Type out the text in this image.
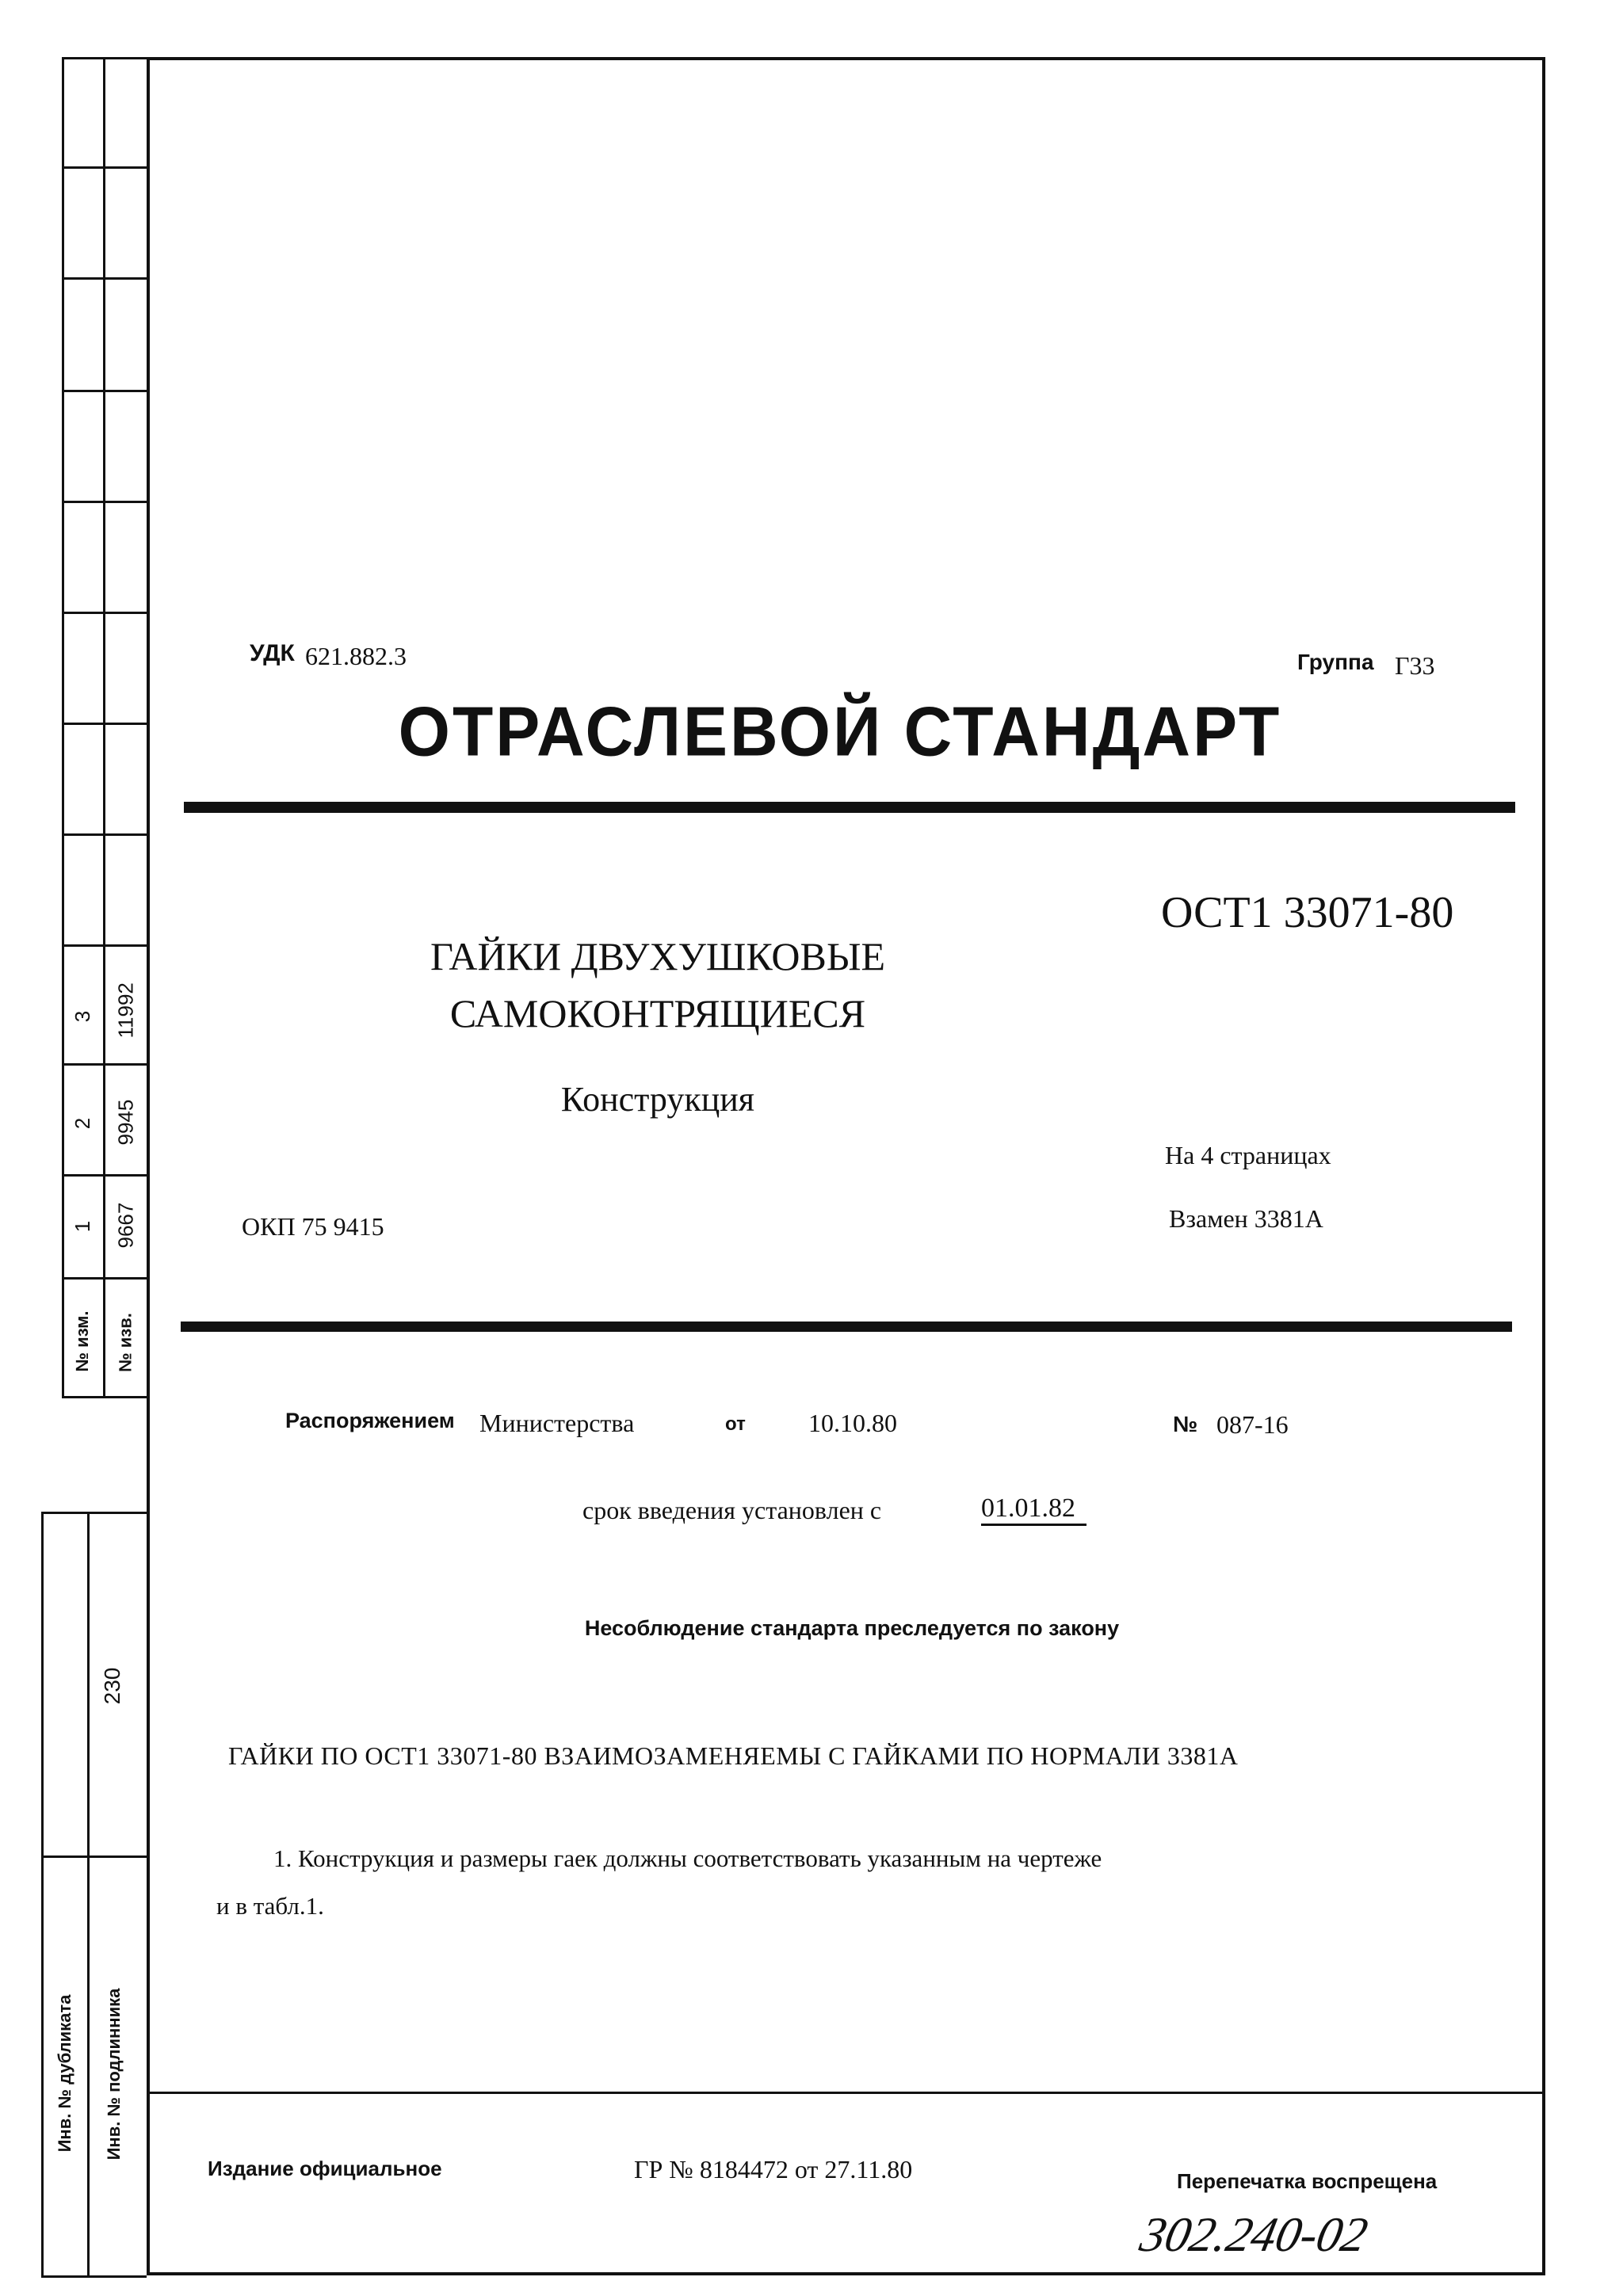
3 11992
2 9945
1 9667
№ изм.	№ изв.
230
Инв. № дубликата	Инв. № подлинника
УДК 621.882.3	Группа Г33
ОТРАСЛЕВОЙ СТАНДАРТ
ОСТ1 33071-80
ГАЙКИ ДВУХУШКОВЫЕ
САМОКОНТРЯЩИЕСЯ
Конструкция
На 4 страницах
Взамен 3381А
ОКП 75 9415
Распоряжением Министерства	от 10.10.80	№ 087-16
срок введения установлен с	01.01.82
Несоблюдение стандарта преследуется по закону
ГАЙКИ ПО ОСТ1 33071-80 ВЗАИМОЗАМЕНЯЕМЫ С ГАЙКАМИ ПО НОРМАЛИ 3381А
1. Конструкция и размеры гаек должны соответствовать указанным на чертеже
и в табл.1.
Издание официальное	ГР № 8184472 от 27.11.80	Перепечатка воспрещена
302.240-02
